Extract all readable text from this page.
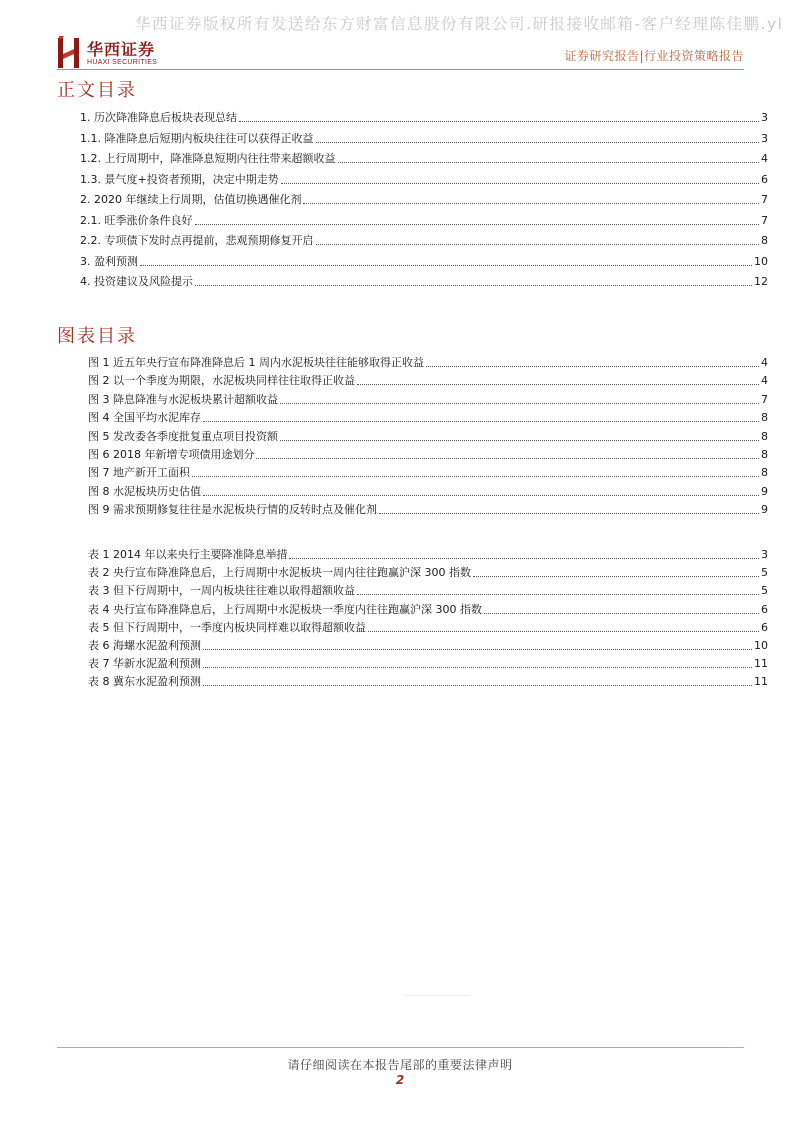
华西证券版权所有发送给东方财富信息股份有限公司.研报接收邮箱-客户经理陈佳鹏.yl
华西证券
HUAXI SECURITIES	证券研究报告|行业投资策略报告
正文目录
1. 历次降准降息后板块表现总结	3
1.1. 降准降息后短期内板块往往可以获得正收益	3
1.2. 上行周期中，降准降息短期内往往带来超额收益	4
1.3. 景气度+投资者预期，决定中期走势	6
2. 2020 年继续上行周期，估值切换遇催化剂	7
2.1. 旺季涨价条件良好	7
2.2. 专项债下发时点再提前，悲观预期修复开启	8
3. 盈利预测	10
4. 投资建议及风险提示	12
图表目录
图 1 近五年央行宣布降准降息后 1 周内水泥板块往往能够取得正收益	4
图 2 以一个季度为期限，水泥板块同样往往取得正收益	4
图 3 降息降准与水泥板块累计超额收益	7
图 4 全国平均水泥库存	8
图 5 发改委各季度批复重点项目投资额	8
图 6 2018 年新增专项债用途划分	8
图 7 地产新开工面积	8
图 8 水泥板块历史估值	9
图 9 需求预期修复往往是水泥板块行情的反转时点及催化剂	9
表 1 2014 年以来央行主要降准降息举措	3
表 2 央行宣布降准降息后，上行周期中水泥板块一周内往往跑赢沪深 300 指数	5
表 3 但下行周期中，一周内板块往往难以取得超额收益	5
表 4 央行宣布降准降息后，上行周期中水泥板块一季度内往往跑赢沪深 300 指数	6
表 5 但下行周期中，一季度内板块同样难以取得超额收益	6
表 6 海螺水泥盈利预测	10
表 7 华新水泥盈利预测	11
表 8 冀东水泥盈利预测	11
请仔细阅读在本报告尾部的重要法律声明
2
